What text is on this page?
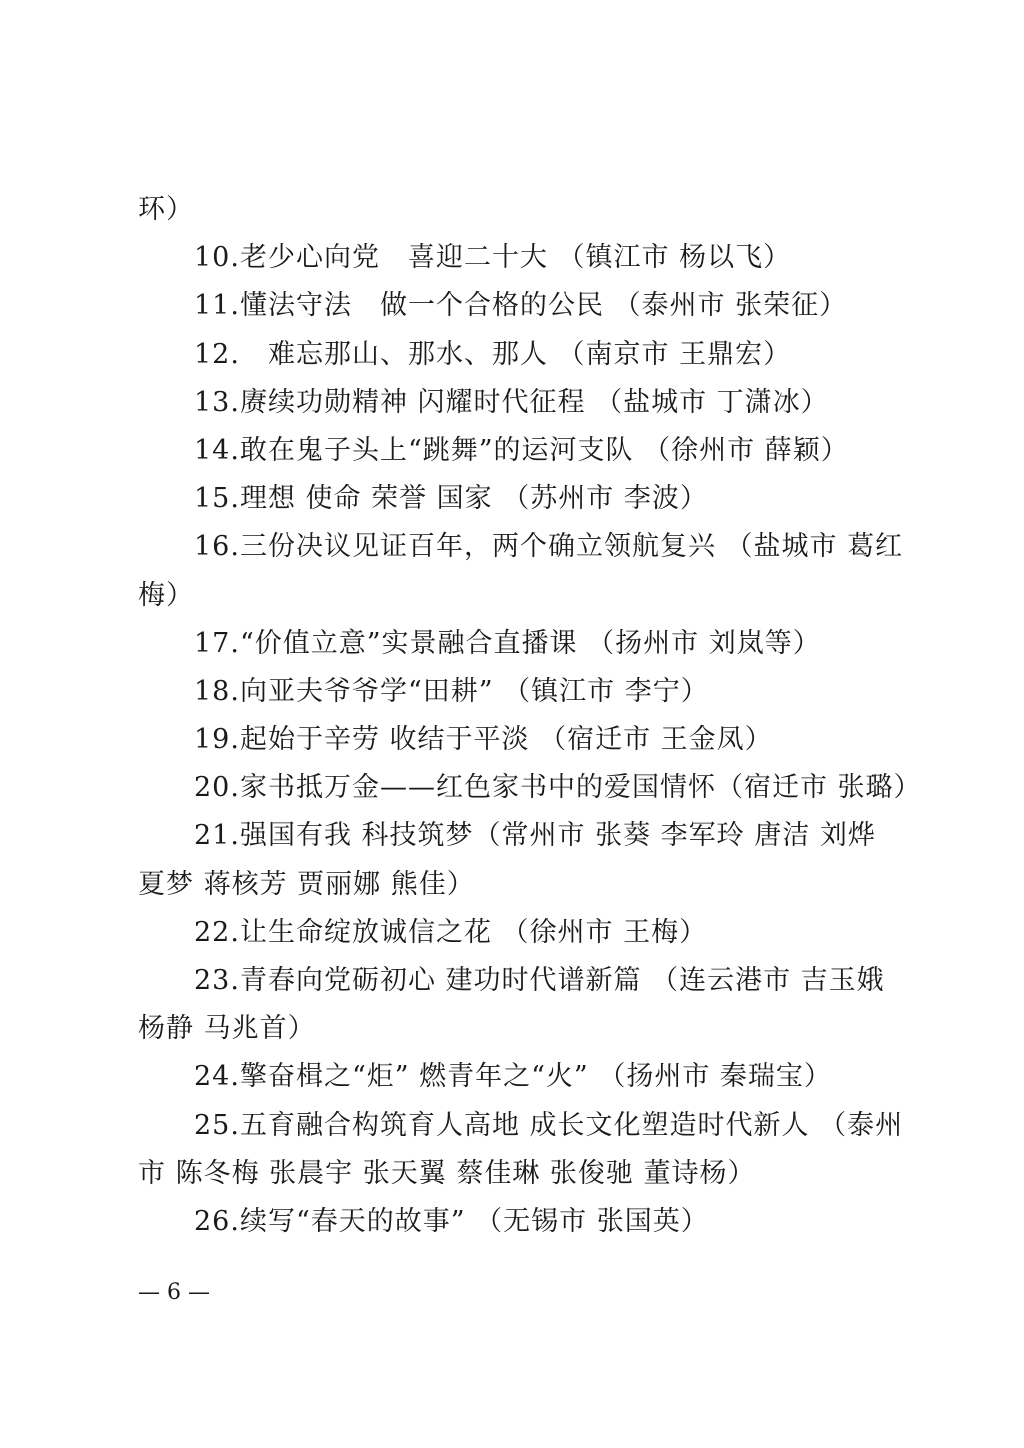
环）
10.老少心向党　喜迎二十大 （镇江市 杨以飞）
11.懂法守法　做一个合格的公民 （泰州市 张荣征）
12.　难忘那山、那水、那人 （南京市 王鼎宏）
13.赓续功勋精神 闪耀时代征程 （盐城市 丁潇冰）
14.敢在鬼子头上“跳舞”的运河支队 （徐州市 薛颖）
15.理想 使命 荣誉 国家 （苏州市 李波）
16.三份决议见证百年，两个确立领航复兴 （盐城市 葛红
梅）
17.“价值立意”实景融合直播课 （扬州市 刘岚等）
18.向亚夫爷爷学“田耕” （镇江市 李宁）
19.起始于辛劳 收结于平淡 （宿迁市 王金凤）
20.家书抵万金——红色家书中的爱国情怀（宿迁市 张璐）
21.强国有我 科技筑梦（常州市 张葵 李军玲 唐洁 刘烨
夏梦 蒋核芳 贾丽娜 熊佳）
22.让生命绽放诚信之花 （徐州市 王梅）
23.青春向党砺初心 建功时代谱新篇 （连云港市 吉玉娥
杨静 马兆首）
24.擎奋楫之“炬” 燃青年之“火” （扬州市 秦瑞宝）
25.五育融合构筑育人高地 成长文化塑造时代新人 （泰州
市 陈冬梅 张晨宇 张天翼 蔡佳琳 张俊驰 董诗杨）
26.续写“春天的故事” （无锡市 张国英）
— 6 —
